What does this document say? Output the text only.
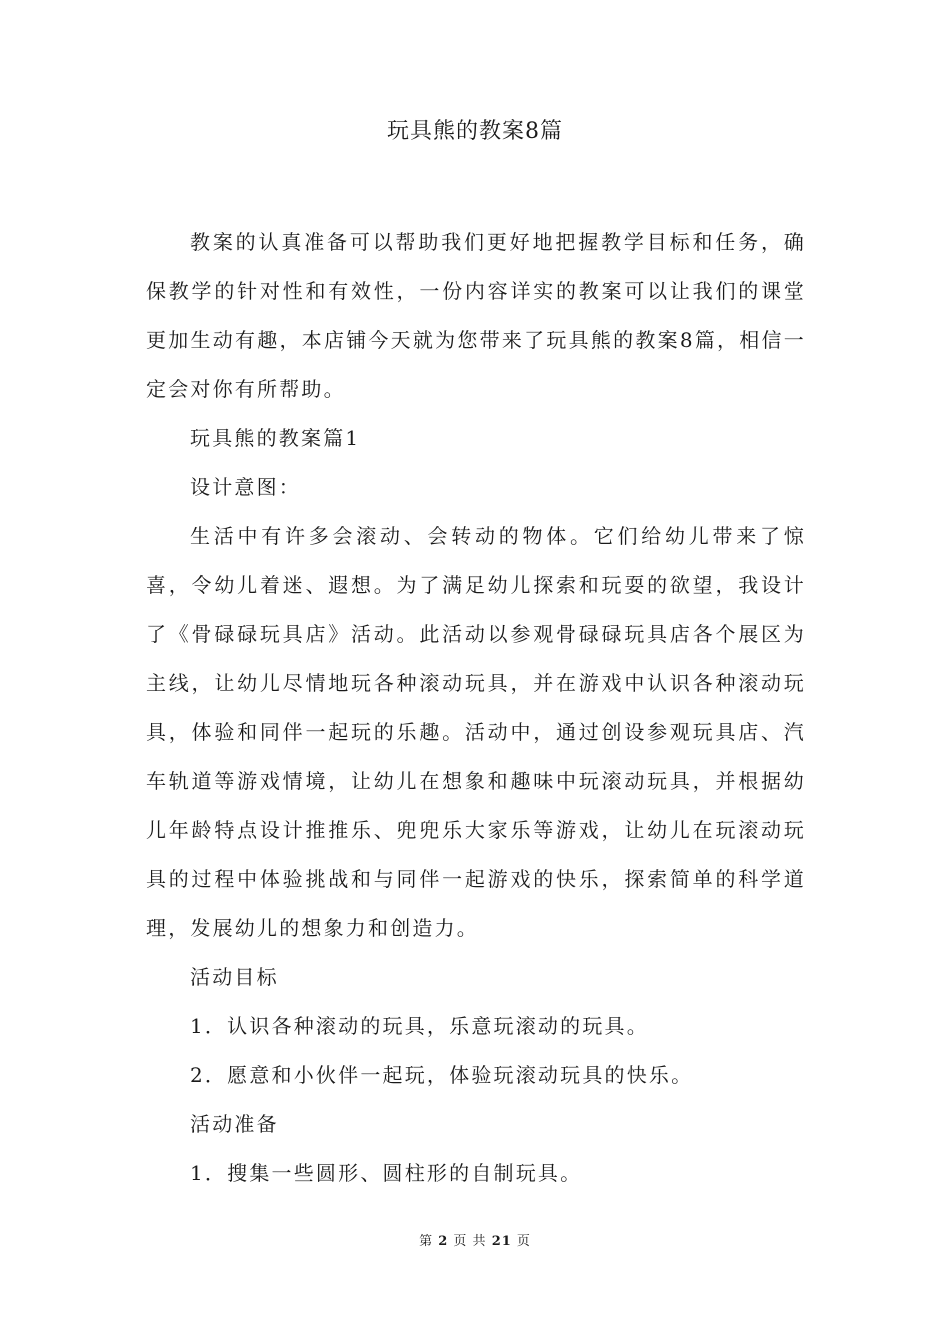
玩具熊的教案8篇

教案的认真准备可以帮助我们更好地把握教学目标和任务，确保教学的针对性和有效性，一份内容详实的教案可以让我们的课堂更加生动有趣，本店铺今天就为您带来了玩具熊的教案8篇，相信一定会对你有所帮助。

玩具熊的教案篇1

设计意图：

生活中有许多会滚动、会转动的物体。它们给幼儿带来了惊喜，令幼儿着迷、遐想。为了满足幼儿探索和玩耍的欲望，我设计了《骨碌碌玩具店》活动。此活动以参观骨碌碌玩具店各个展区为主线，让幼儿尽情地玩各种滚动玩具，并在游戏中认识各种滚动玩具，体验和同伴一起玩的乐趣。活动中，通过创设参观玩具店、汽车轨道等游戏情境，让幼儿在想象和趣味中玩滚动玩具，并根据幼儿年龄特点设计推推乐、兜兜乐大家乐等游戏，让幼儿在玩滚动玩具的过程中体验挑战和与同伴一起游戏的快乐，探索简单的科学道理，发展幼儿的想象力和创造力。

活动目标

1．认识各种滚动的玩具，乐意玩滚动的玩具。

2．愿意和小伙伴一起玩，体验玩滚动玩具的快乐。

活动准备

1．搜集一些圆形、圆柱形的自制玩具。

第 2 页 共 21 页
